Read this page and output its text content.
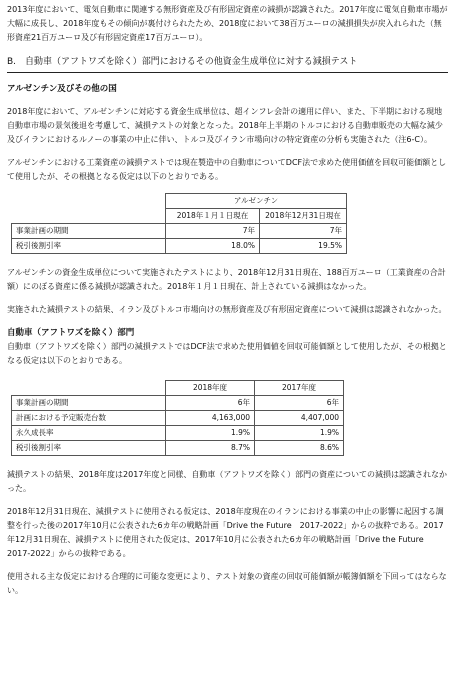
2013年度において、電気自動車に関連する無形資産及び有形固定資産の減損が認識された。2017年度に電気自動車市場が大幅に成長し、2018年度もその傾向が裏付けられたため、2018度において38百万ユーロの減損損失が戻入れられた（無形資産21百万ユーロ及び有形固定資産17百万ユーロ）。

B. 自動車（アフトワズを除く）部門におけるその他資金生成単位に対する減損テスト
アルゼンチン及びその他の国

2018年度において、アルゼンチンに対応する資金生成単位は、超インフレ会計の適用に伴い、また、下半期における現地自動車市場の景気後退を考慮して、減損テストの対象となった。2018年上半期のトルコにおける自動車販売の大幅な減少及びイランにおけるルノーの事業の中止に伴い、トルコ及びイラン市場向けの特定資産の分析も実施された（注6-C）。

アルゼンチンにおける工業資産の減損テストでは現在製造中の自動車についてDCF法で求めた使用価値を回収可能価額として使用したが、その根拠となる仮定は以下のとおりである。

	アルゼンチン	
	2018年１月１日現在	2018年12月31日現在
事業計画の期間	7年	7年
税引後割引率	18.0%	19.5%

アルゼンチンの資金生成単位について実施されたテストにより、2018年12月31日現在、188百万ユーロ（工業資産の合計額）にのぼる資産に係る減損が認識された。2018年１月１日現在、計上されている減損はなかった。

実施された減損テストの結果、イラン及びトルコ市場向けの無形資産及び有形固定資産について減損は認識されなかった。

自動車（アフトワズを除く）部門

自動車（アフトワズを除く）部門の減損テストではDCF法で求めた使用価値を回収可能価額として使用したが、その根拠となる仮定は以下のとおりである。

	2018年度	2017年度
事業計画の期間	6年	6年
計画における予定販売台数	4,163,000	4,407,000
永久成長率	1.9%	1.9%
税引後割引率	8.7%	8.6%

減損テストの結果、2018年度は2017年度と同様、自動車（アフトワズを除く）部門の資産についての減損は認識されなかった。

2018年12月31日現在、減損テストに使用される仮定は、2018年度現在のイランにおける事業の中止の影響に起因する調整を行った後の2017年10月に公表された6カ年の戦略計画「Drive the Future　2017-2022」からの抜粋である。2017年12月31日現在、減損テストに使用された仮定は、2017年10月に公表された6カ年の戦略計画「Drive the Future　2017-2022」からの抜粋である。

使用される主な仮定における合理的に可能な変更により、テスト対象の資産の回収可能価額が帳簿価額を下回ってはならない。
